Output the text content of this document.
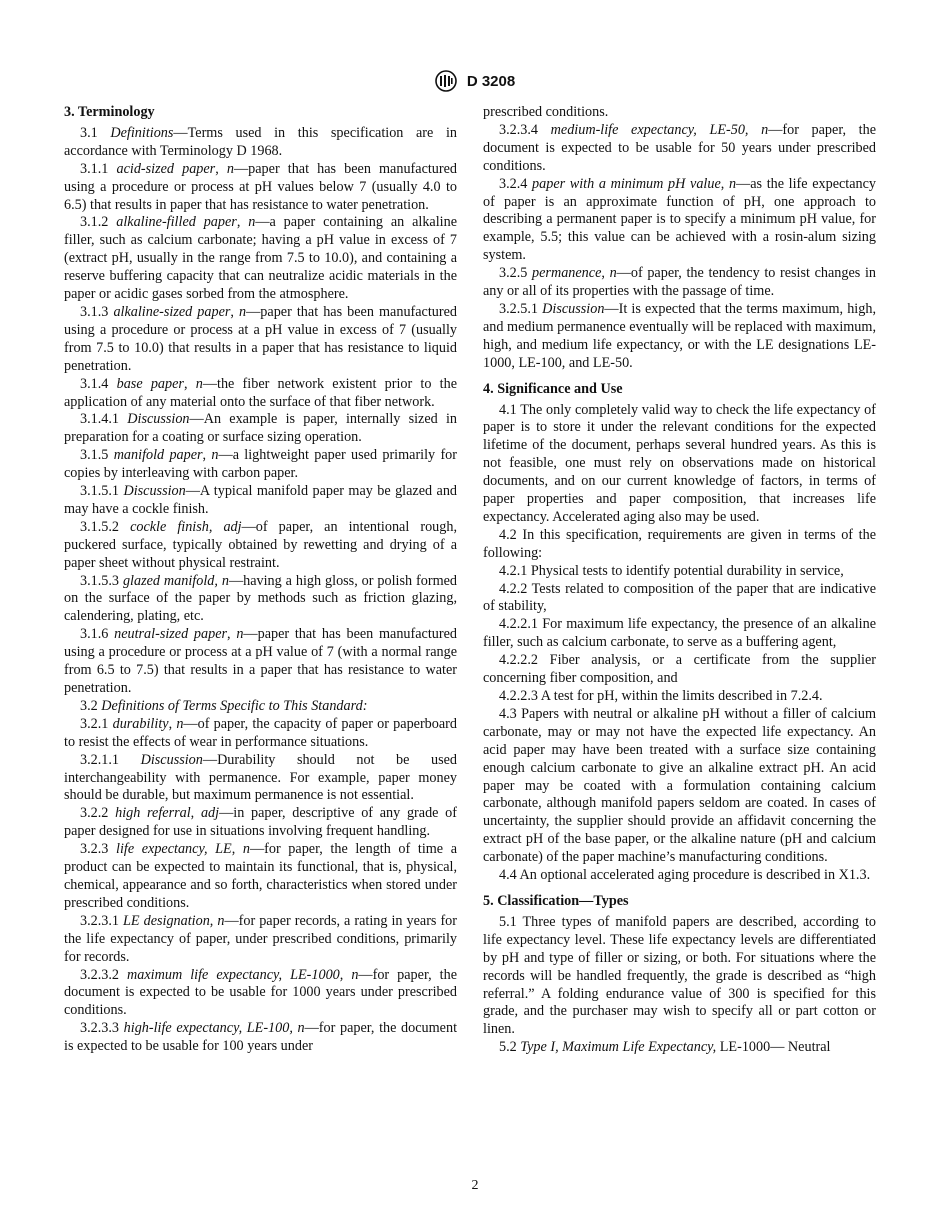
D 3208

3. Terminology

3.1 Definitions—Terms used in this specification are in accordance with Terminology D 1968.

3.1.1 acid-sized paper, n—paper that has been manufactured using a procedure or process at pH values below 7 (usually 4.0 to 6.5) that results in paper that has resistance to water penetration.

3.1.2 alkaline-filled paper, n—a paper containing an alkaline filler, such as calcium carbonate; having a pH value in excess of 7 (extract pH, usually in the range from 7.5 to 10.0), and containing a reserve buffering capacity that can neutralize acidic materials in the paper or acidic gases sorbed from the atmosphere.

3.1.3 alkaline-sized paper, n—paper that has been manufactured using a procedure or process at a pH value in excess of 7 (usually from 7.5 to 10.0) that results in a paper that has resistance to liquid penetration.

3.1.4 base paper, n—the fiber network existent prior to the application of any material onto the surface of that fiber network.

3.1.4.1 Discussion—An example is paper, internally sized in preparation for a coating or surface sizing operation.

3.1.5 manifold paper, n—a lightweight paper used primarily for copies by interleaving with carbon paper.

3.1.5.1 Discussion—A typical manifold paper may be glazed and may have a cockle finish.

3.1.5.2 cockle finish, adj—of paper, an intentional rough, puckered surface, typically obtained by rewetting and drying of a paper sheet without physical restraint.

3.1.5.3 glazed manifold, n—having a high gloss, or polish formed on the surface of the paper by methods such as friction glazing, calendering, plating, etc.

3.1.6 neutral-sized paper, n—paper that has been manufactured using a procedure or process at a pH value of 7 (with a normal range from 6.5 to 7.5) that results in a paper that has resistance to water penetration.

3.2 Definitions of Terms Specific to This Standard:

3.2.1 durability, n—of paper, the capacity of paper or paperboard to resist the effects of wear in performance situations.

3.2.1.1 Discussion—Durability should not be used interchangeability with permanence. For example, paper money should be durable, but maximum permanence is not essential.

3.2.2 high referral, adj—in paper, descriptive of any grade of paper designed for use in situations involving frequent handling.

3.2.3 life expectancy, LE, n—for paper, the length of time a product can be expected to maintain its functional, that is, physical, chemical, appearance and so forth, characteristics when stored under prescribed conditions.

3.2.3.1 LE designation, n—for paper records, a rating in years for the life expectancy of paper, under prescribed conditions, primarily for records.

3.2.3.2 maximum life expectancy, LE-1000, n—for paper, the document is expected to be usable for 1000 years under prescribed conditions.

3.2.3.3 high-life expectancy, LE-100, n—for paper, the document is expected to be usable for 100 years under

prescribed conditions.

3.2.3.4 medium-life expectancy, LE-50, n—for paper, the document is expected to be usable for 50 years under prescribed conditions.

3.2.4 paper with a minimum pH value, n—as the life expectancy of paper is an approximate function of pH, one approach to describing a permanent paper is to specify a minimum pH value, for example, 5.5; this value can be achieved with a rosin-alum sizing system.

3.2.5 permanence, n—of paper, the tendency to resist changes in any or all of its properties with the passage of time.

3.2.5.1 Discussion—It is expected that the terms maximum, high, and medium permanence eventually will be replaced with maximum, high, and medium life expectancy, or with the LE designations LE-1000, LE-100, and LE-50.

4. Significance and Use

4.1 The only completely valid way to check the life expectancy of paper is to store it under the relevant conditions for the expected lifetime of the document, perhaps several hundred years. As this is not feasible, one must rely on observations made on historical documents, and on our current knowledge of factors, in terms of paper properties and paper composition, that increases life expectancy. Accelerated aging also may be used.

4.2 In this specification, requirements are given in terms of the following:

4.2.1 Physical tests to identify potential durability in service,

4.2.2 Tests related to composition of the paper that are indicative of stability,

4.2.2.1 For maximum life expectancy, the presence of an alkaline filler, such as calcium carbonate, to serve as a buffering agent,

4.2.2.2 Fiber analysis, or a certificate from the supplier concerning fiber composition, and

4.2.2.3 A test for pH, within the limits described in 7.2.4.

4.3 Papers with neutral or alkaline pH without a filler of calcium carbonate, may or may not have the expected life expectancy. An acid paper may have been treated with a surface size containing enough calcium carbonate to give an alkaline extract pH. An acid paper may be coated with a formulation containing calcium carbonate, although manifold papers seldom are coated. In cases of uncertainty, the supplier should provide an affidavit concerning the extract pH of the base paper, or the alkaline nature (pH and calcium carbonate) of the paper machine’s manufacturing conditions.

4.4 An optional accelerated aging procedure is described in X1.3.

5. Classification—Types

5.1 Three types of manifold papers are described, according to life expectancy level. These life expectancy levels are differentiated by pH and type of filler or sizing, or both. For situations where the records will be handled frequently, the grade is described as “high referral.” A folding endurance value of 300 is specified for this grade, and the purchaser may wish to specify all or part cotton or linen.

5.2 Type I, Maximum Life Expectancy, LE-1000— Neutral

2
